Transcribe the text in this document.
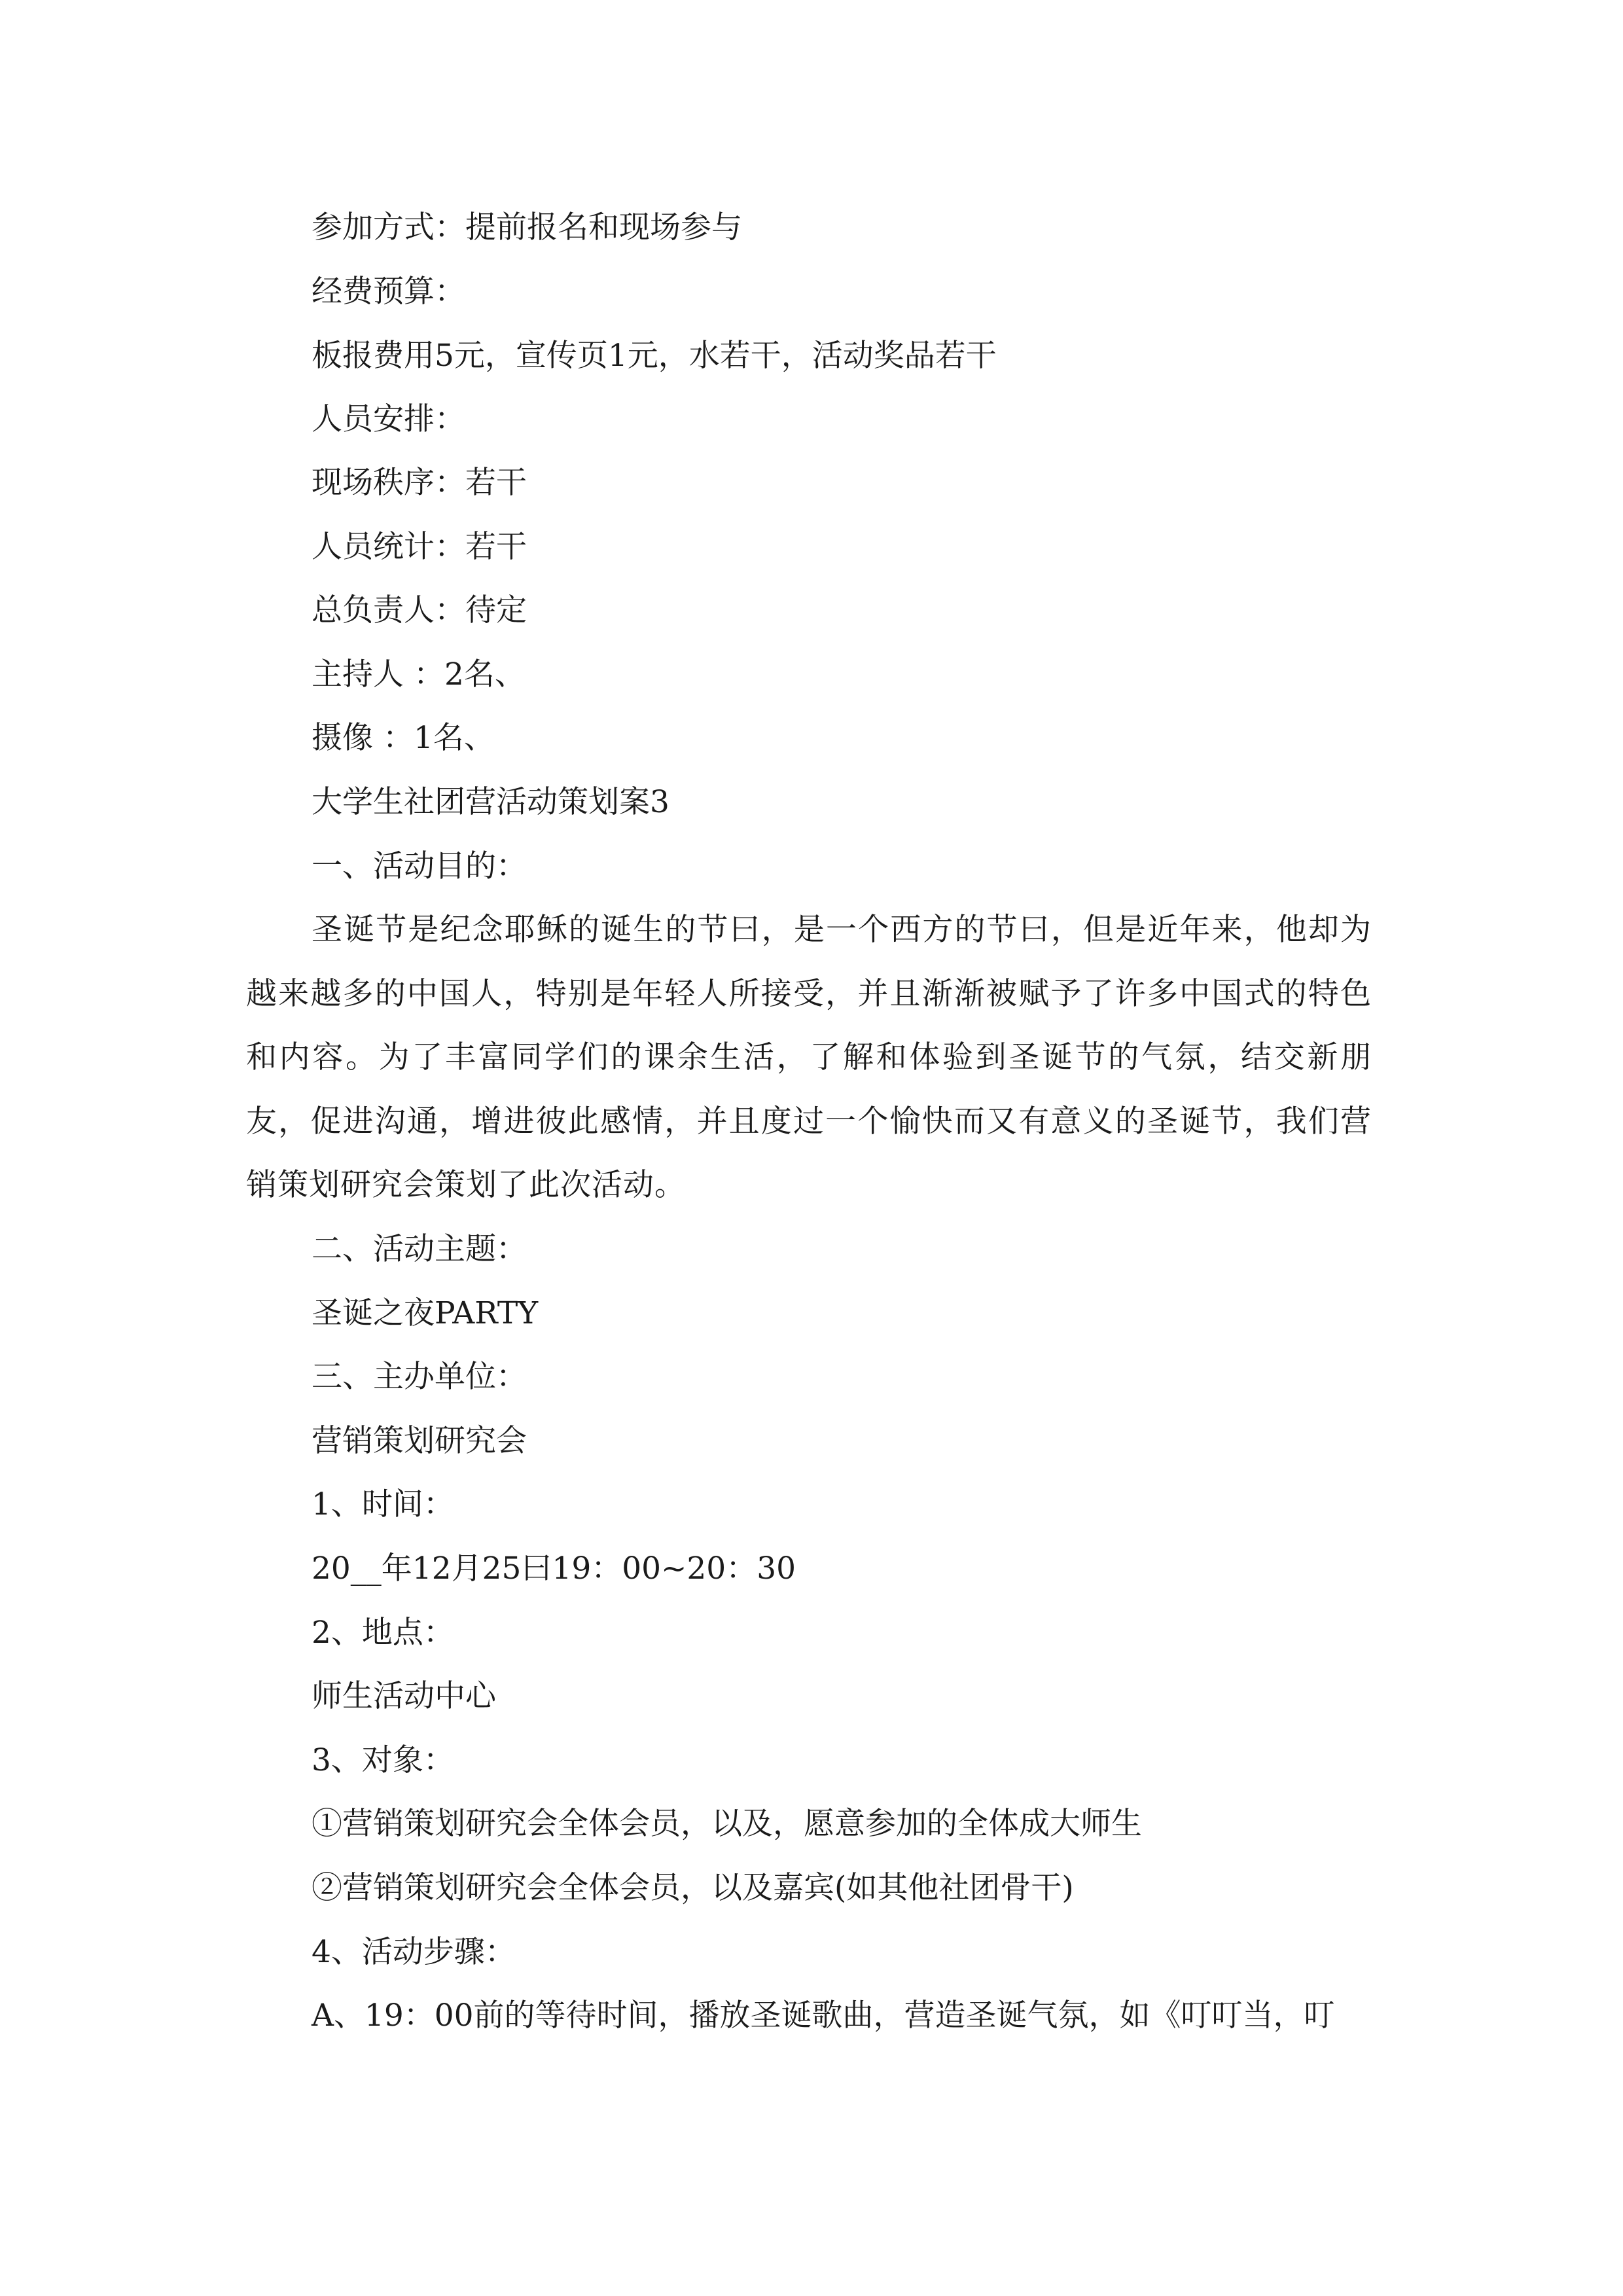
参加方式：提前报名和现场参与
经费预算：
板报费用5元，宣传页1元，水若干，活动奖品若干
人员安排：
现场秩序：若干
人员统计：若干
总负责人：待定
主持人 ：2名、
摄像 ：1名、
大学生社团营活动策划案3
一、活动目的：
圣诞节是纪念耶稣的诞生的节曰，是一个西方的节曰，但是近年来，他却为越来越多的中国人，特别是年轻人所接受，并且渐渐被赋予了许多中国式的特色和内容。为了丰富同学们的课余生活，了解和体验到圣诞节的气氛，结交新朋友，促进沟通，增进彼此感情，并且度过一个愉快而又有意义的圣诞节，我们营销策划研究会策划了此次活动。
二、活动主题：
圣诞之夜PARTY
三、主办单位：
营销策划研究会
1、时间：
20__年12月25曰19：00~20：30
2、地点：
师生活动中心
3、对象：
①营销策划研究会全体会员，以及，愿意参加的全体成大师生
②营销策划研究会全体会员，以及嘉宾(如其他社团骨干)
4、活动步骤：
A、19：00前的等待时间，播放圣诞歌曲，营造圣诞气氛，如《叮叮当，叮
